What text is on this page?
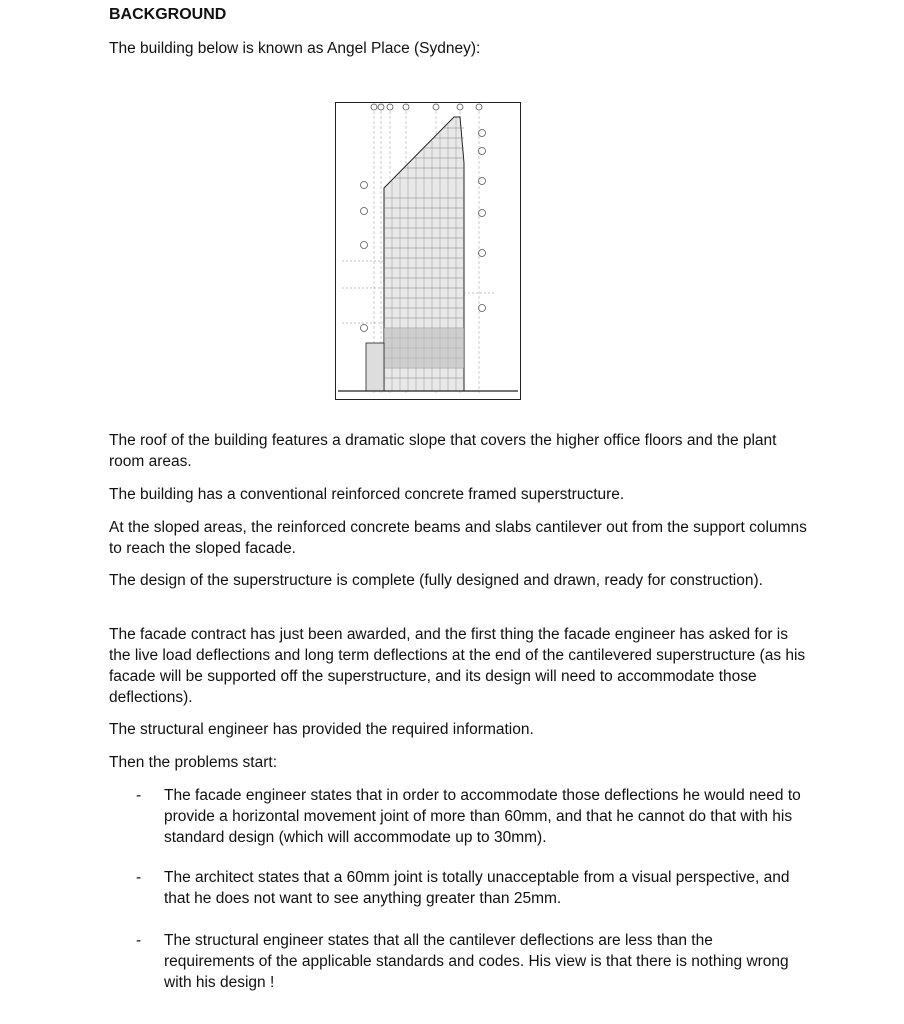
BACKGROUND

The building below is known as Angel Place (Sydney):

The roof of the building features a dramatic slope that covers the higher office floors and the plant room areas.

The building has a conventional reinforced concrete framed superstructure.

At the sloped areas, the reinforced concrete beams and slabs cantilever out from the support columns to reach the sloped facade.

The design of the superstructure is complete (fully designed and drawn, ready for construction).

The facade contract has just been awarded, and the first thing the facade engineer has asked for is the live load deflections and long term deflections at the end of the cantilevered superstructure (as his facade will be supported off the superstructure, and its design will need to accommodate those deflections).

The structural engineer has provided the required information.

Then the problems start:

- The facade engineer states that in order to accommodate those deflections he would need to provide a horizontal movement joint of more than 60mm, and that he cannot do that with his standard design (which will accommodate up to 30mm).
- The architect states that a 60mm joint is totally unacceptable from a visual perspective, and that he does not want to see anything greater than 25mm.
- The structural engineer states that all the cantilever deflections are less than the requirements of the applicable standards and codes. His view is that there is nothing wrong with his design !
